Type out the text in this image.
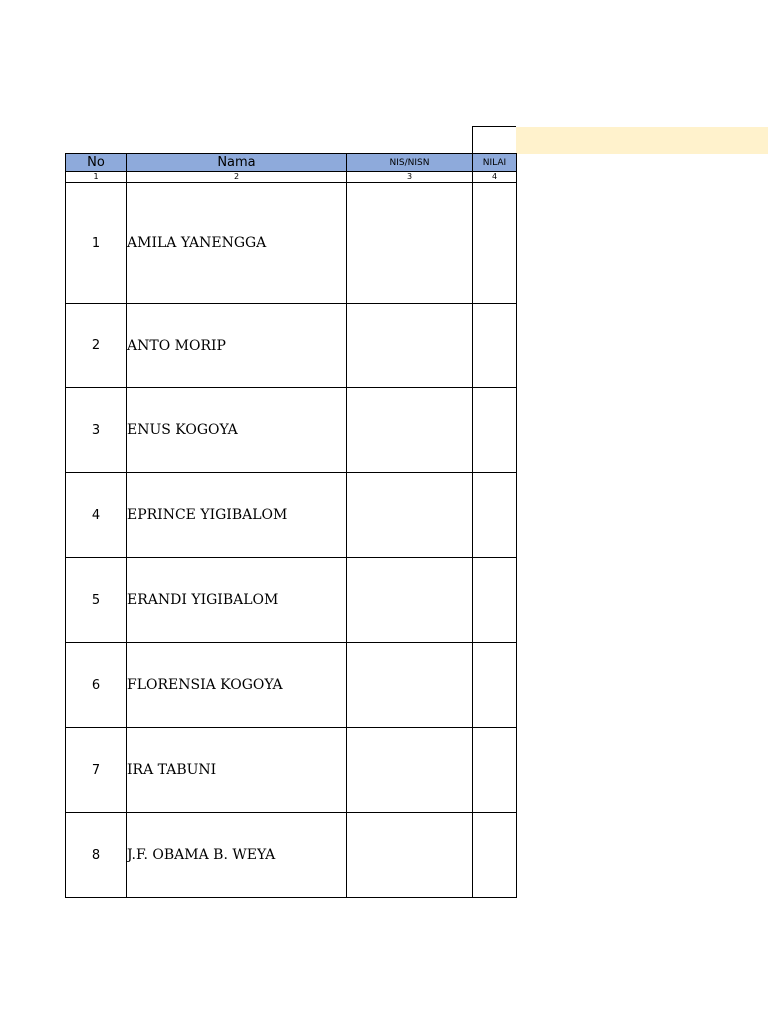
No	Nama	NIS/NISN	NILAI
1	2	3	4
1	AMILA YANENGGA		
2	ANTO MORIP		
3	ENUS KOGOYA		
4	EPRINCE YIGIBALOM		
5	ERANDI YIGIBALOM		
6	FLORENSIA KOGOYA		
7	IRA TABUNI		
8	J.F. OBAMA B. WEYA		
